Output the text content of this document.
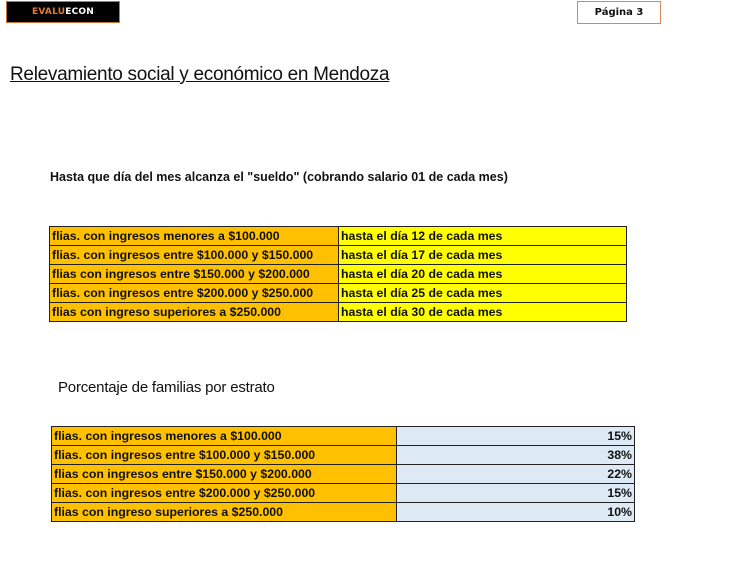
EVALU ECON	Página 3
Relevamiento social y económico en Mendoza
Hasta que día del mes alcanza el "sueldo" (cobrando salario 01 de cada mes)
flias. con ingresos menores a $100.000	hasta el día 12 de cada mes
flias. con ingresos entre $100.000 y $150.000	hasta el día 17 de cada mes
flias con ingresos entre $150.000 y $200.000	hasta el día 20 de cada mes
flias. con ingresos entre $200.000 y $250.000	hasta el día 25 de cada mes
flias con ingreso superiores a $250.000	hasta el día 30 de cada mes
Porcentaje de familias por estrato
flias. con ingresos menores a $100.000	15%
flias. con ingresos entre $100.000 y $150.000	38%
flias con ingresos entre $150.000 y $200.000	22%
flias. con ingresos entre $200.000 y $250.000	15%
flias con ingreso superiores a $250.000	10%
